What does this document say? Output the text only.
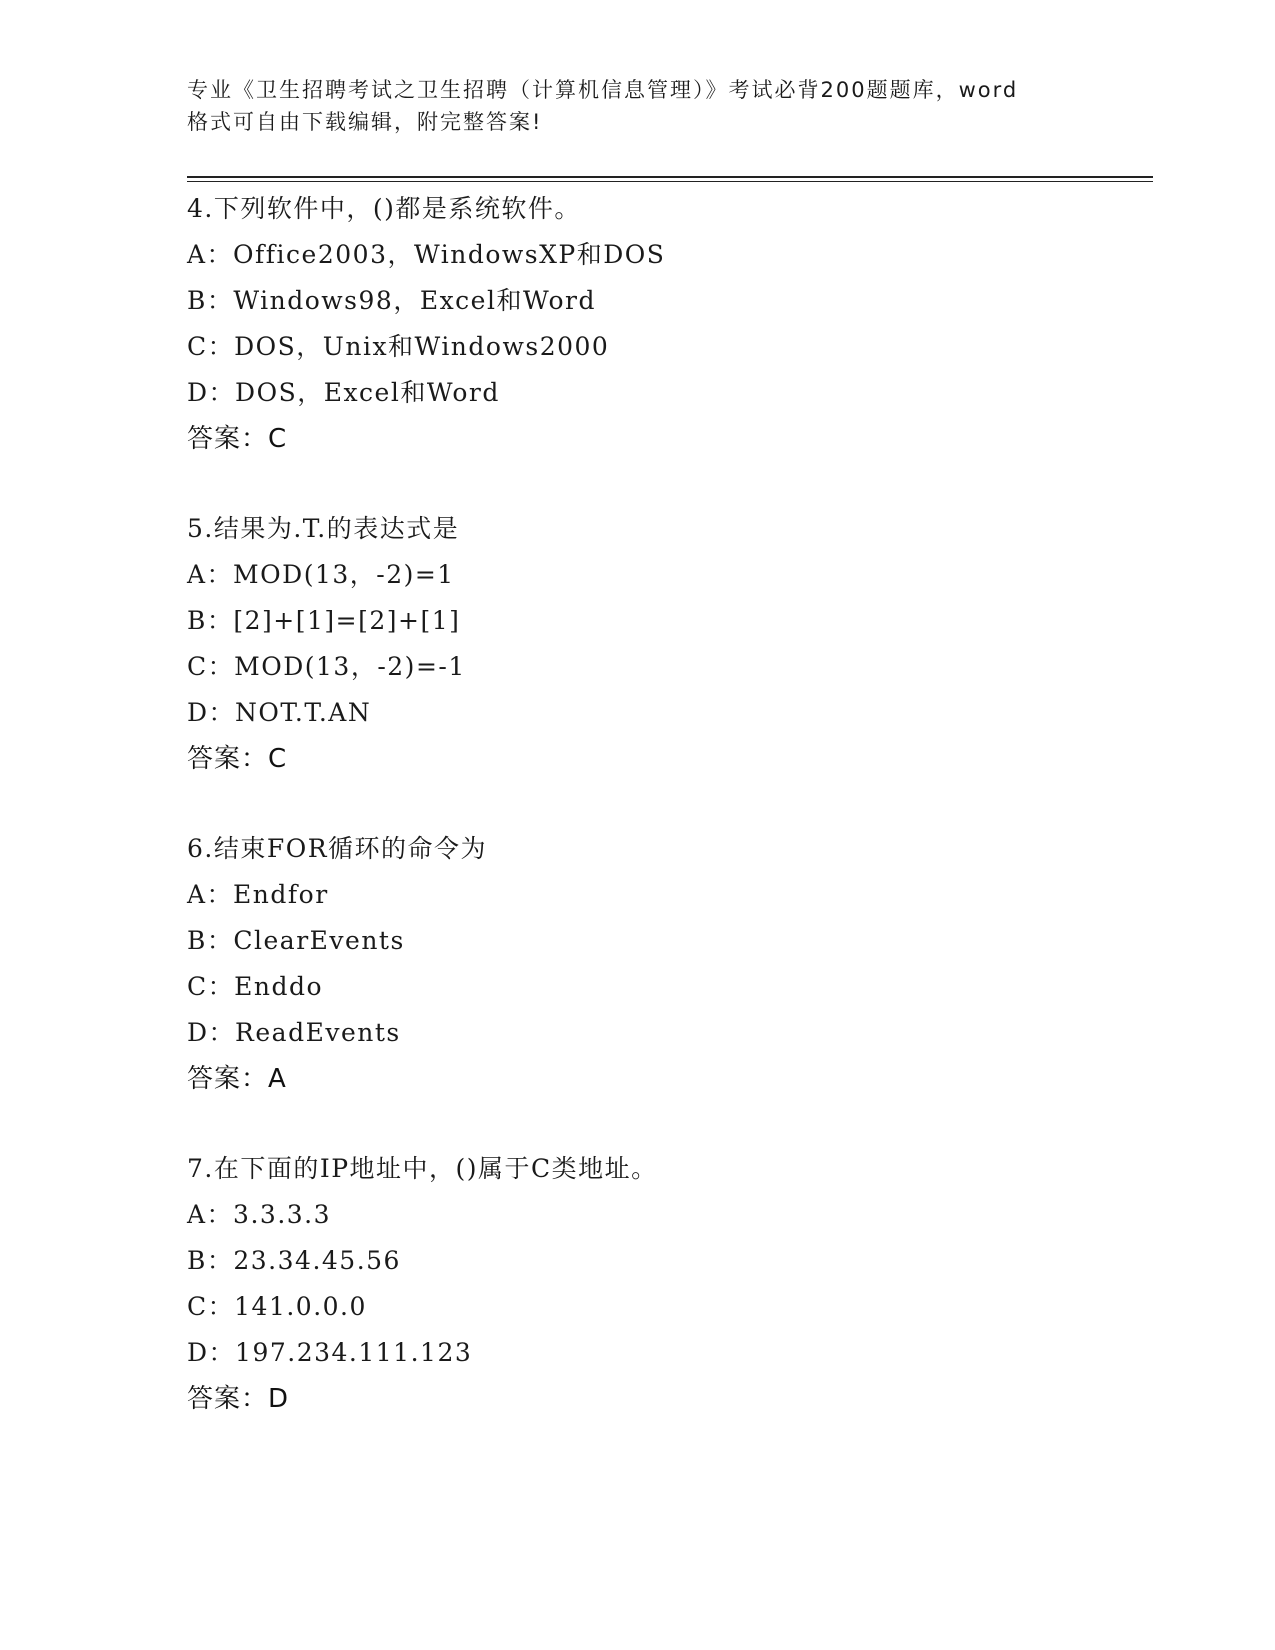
专业《卫生招聘考试之卫生招聘（计算机信息管理）》考试必背200题题库，word
格式可自由下载编辑，附完整答案!
4.下列软件中，()都是系统软件。
A：Office2003，WindowsXP和DOS
B：Windows98，Excel和Word
C：DOS，Unix和Windows2000
D：DOS，Excel和Word
答案：C
5.结果为.T.的表达式是
A：MOD(13，-2)=1
B：[2]+[1]=[2]+[1]
C：MOD(13，-2)=-1
D：NOT.T.AN
答案：C
6.结束FOR循环的命令为
A：Endfor
B：ClearEvents
C：Enddo
D：ReadEvents
答案：A
7.在下面的IP地址中，()属于C类地址。
A：3.3.3.3
B：23.34.45.56
C：141.0.0.0
D：197.234.111.123
答案：D
